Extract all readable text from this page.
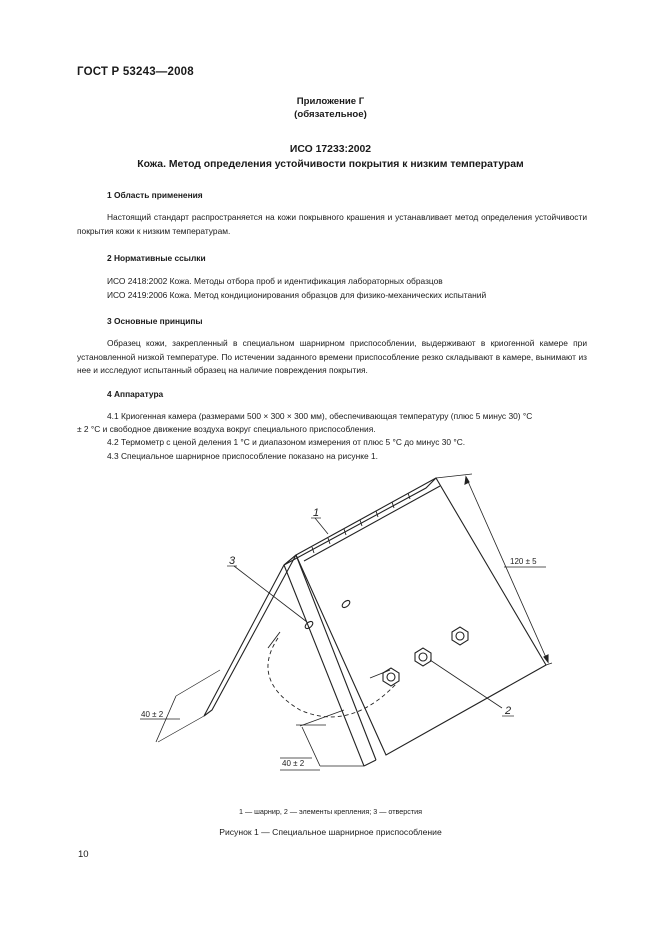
ГОСТ Р 53243—2008
Приложение Г
(обязательное)
ИСО 17233:2002
Кожа. Метод определения устойчивости покрытия к низким температурам
1 Область применения
Настоящий стандарт распространяется на кожи покрывного крашения и устанавливает метод определения устойчивости покрытия кожи к низким температурам.
2 Нормативные ссылки
ИСО 2418:2002 Кожа. Методы отбора проб и идентификация лабораторных образцов
ИСО 2419:2006 Кожа. Метод кондиционирования образцов для физико-механических испытаний
3 Основные принципы
Образец кожи, закрепленный в специальном шарнирном приспособлении, выдерживают в криогенной камере при установленной низкой температуре. По истечении заданного времени приспособление резко складывают в камере, вынимают из нее и исследуют испытанный образец на наличие повреждения покрытия.
4 Аппаратура
4.1 Криогенная камера (размерами 500 × 300 × 300 мм), обеспечивающая температуру (плюс 5 минус 30) °С
± 2 °С и свободное движение воздуха вокруг специального приспособления.
4.2 Термометр с ценой деления 1 °С и диапазоном измерения от плюс 5 °С до минус 30 °С.
4.3 Специальное шарнирное приспособление показано на рисунке 1.
1
3
2
120 ± 5
40 ± 2
40 ± 2
1 — шарнир, 2 — элементы крепления; 3 — отверстия
Рисунок 1 — Специальное шарнирное приспособление
10
